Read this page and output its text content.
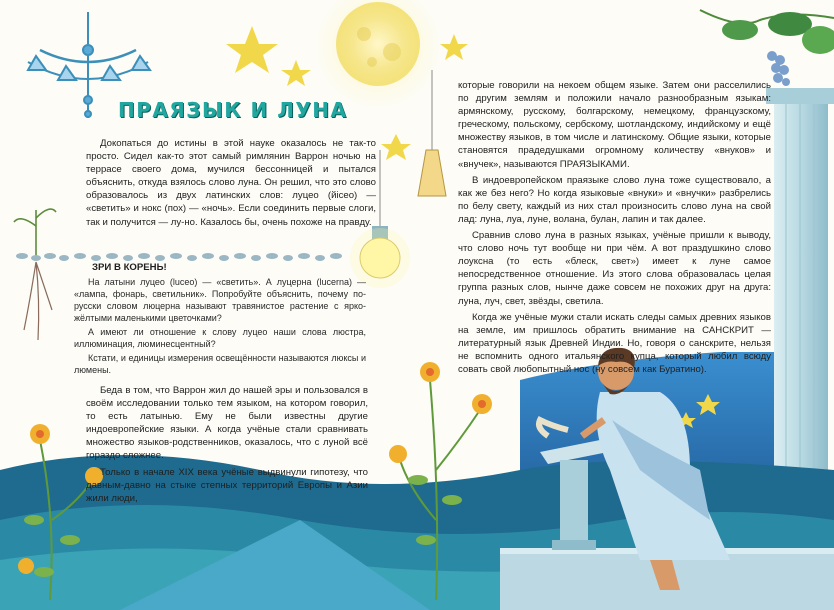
ПРАЯЗЫК И ЛУНА

Докопаться до истины в этой науке оказалось не так-то просто. Сидел как-то этот самый римлянин Варрон ночью на террасе своего дома, мучился бессонницей и пытался объяснить, откуда взялось слово луна. Он решил, что это слово образовалось из двух латинских слов: луцео (йісео) — «светить» и нокс (пох) — «ночь». Если соединить первые слоги, так и получится — лу-но. Казалось бы, очень похоже на правду.

ЗРИ В КОРЕНЬ!

На латыни луцео (luceo) — «светить». А луцерна (lucerna) — «лампа, фонарь, светильник». Попробуйте объяснить, почему по-русски словом люцерна называют травянистое растение с ярко-жёлтыми маленькими цветочками?

А имеют ли отношение к слову луцео наши слова люстра, иллюминация, люминесцентный?

Кстати, и единицы измерения освещённости называются люксы и люмены.

Беда в том, что Варрон жил до нашей эры и пользовался в своём исследовании только тем языком, на котором говорил, то есть латынью. Ему не были известны другие индоевропейские языки. А когда учёные стали сравнивать множество языков-родственников, оказалось, что с луной всё гораздо сложнее.

Только в начале XIX века учёные выдвинули гипотезу, что давным-давно на стыке степных территорий Европы и Азии жили люди,

которые говорили на некоем общем языке. Затем они расселились по другим землям и положили начало разнообразным языкам: армянскому, русскому, болгарскому, немецкому, французскому, греческому, польскому, сербскому, шотландскому, индийскому и ещё множеству языков, в том числе и латинскому. Общие языки, которые становятся прадедушками огромному количеству «внуков» и «внучек», называются ПРАЯЗЫКАМИ.

В индоевропейском праязыке слово луна тоже существовало, а как же без него? Но когда языковые «внуки» и «внучки» разбрелись по белу свету, каждый из них стал произносить слово луна на свой лад: луна, луа, луне, волана, булан, лапин и так далее.

Сравнив слово луна в разных языках, учёные пришли к выводу, что слово ночь тут вообще ни при чём. А вот праздушкино слово лоуксна (то есть «блеск, свет») имеет к луне самое непосредственное отношение. Из этого слова образовалась целая группа разных слов, нынче даже совсем не похожих друг на друга: луна, луч, свет, звёзды, светила.

Когда же учёные мужи стали искать следы самых древних языков на земле, им пришлось обратить внимание на САНСКРИТ — литературный язык Древней Индии. Но, говоря о санскрите, нельзя не вспомнить одного итальянского купца, который любил всюду совать свой любопытный нос (ну совсем как Буратино).
